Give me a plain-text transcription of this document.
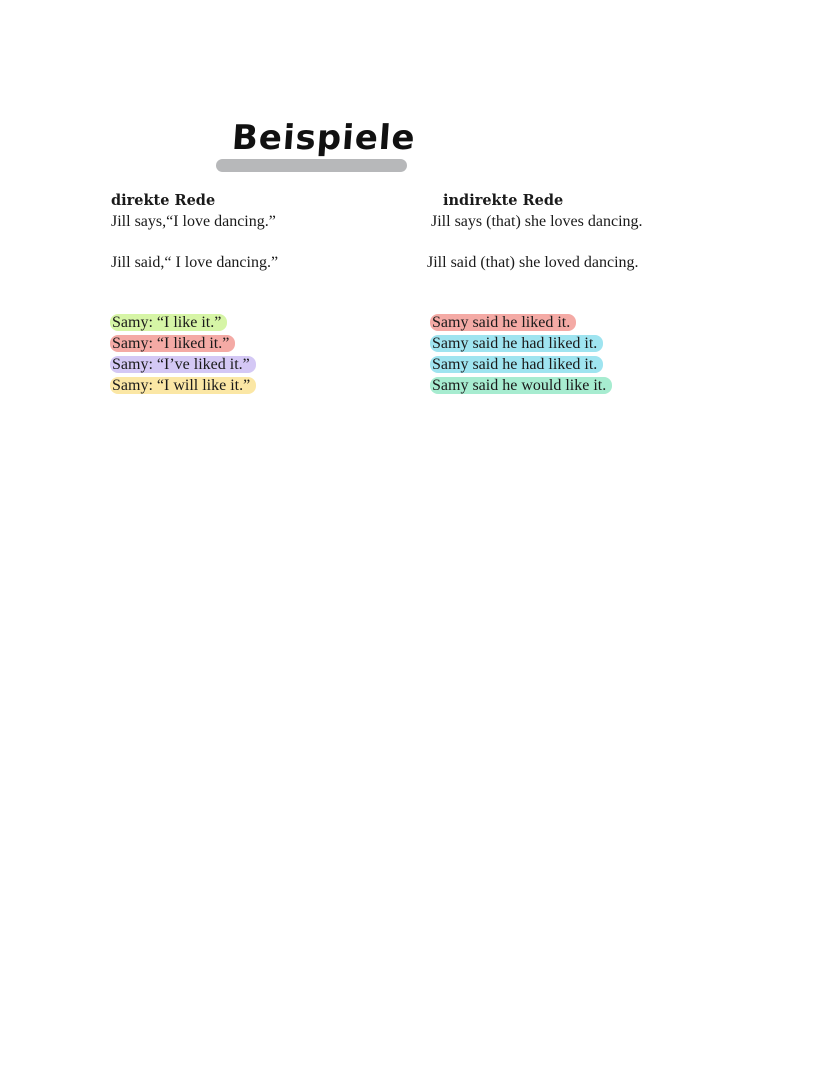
Beispiele
direkte Rede
Jill says,“I love dancing.”
Jill said,“ I love dancing.”
Samy: “I like it.”
Samy: “I liked it.”
Samy: “I’ve liked it.”
Samy: “I will like it.”
indirekte Rede
Jill says (that) she loves dancing.
Jill said (that) she loved dancing.
Samy said he liked it.
Samy said he had liked it.
Samy said he had liked it.
Samy said he would like it.
